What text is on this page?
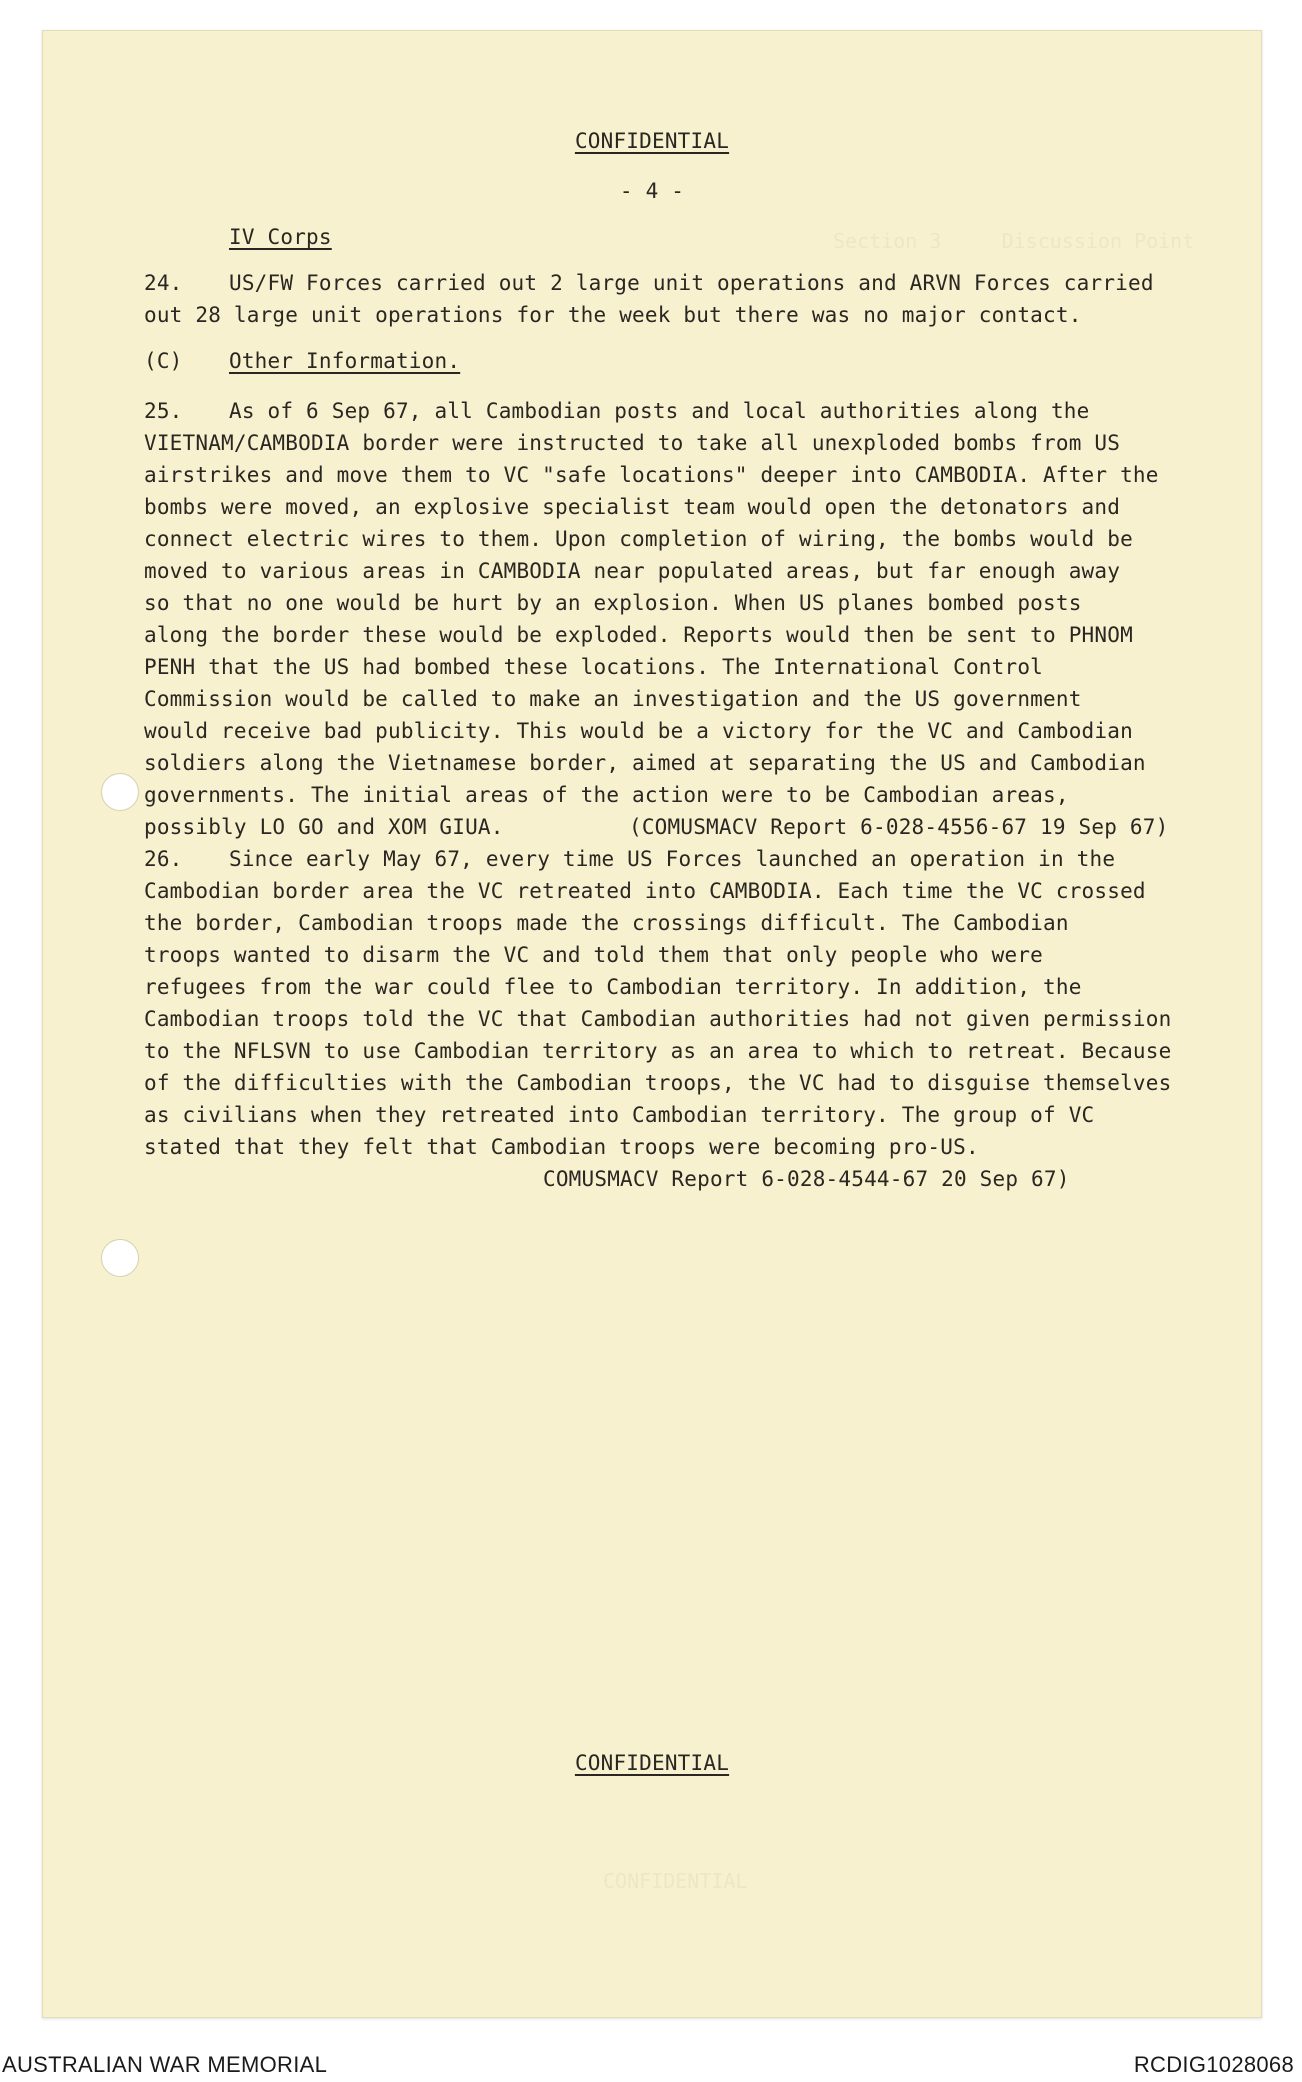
Section 3     Discussion Point
CONFIDENTIAL
CONFIDENTIAL
- 4 -
IV Corps
24. US/FW Forces carried out 2 large unit operations and ARVN Forces carried
out 28 large unit operations for the week but there was no major contact.
(C) Other Information.
25. As of 6 Sep 67, all Cambodian posts and local authorities along the
VIETNAM/CAMBODIA border were instructed to take all unexploded bombs from US
airstrikes and move them to VC "safe locations" deeper into CAMBODIA. After the
bombs were moved, an explosive specialist team would open the detonators and
connect electric wires to them. Upon completion of wiring, the bombs would be
moved to various areas in CAMBODIA near populated areas, but far enough away
so that no one would be hurt by an explosion. When US planes bombed posts
along the border these would be exploded. Reports would then be sent to PHNOM
PENH that the US had bombed these locations. The International Control
Commission would be called to make an investigation and the US government
would receive bad publicity. This would be a victory for the VC and Cambodian
soldiers along the Vietnamese border, aimed at separating the US and Cambodian
governments. The initial areas of the action were to be Cambodian areas,
possibly LO GO and XOM GIUA.	(COMUSMACV Report 6-028-4556-67 19 Sep 67)
26. Since early May 67, every time US Forces launched an operation in the
Cambodian border area the VC retreated into CAMBODIA. Each time the VC crossed
the border, Cambodian troops made the crossings difficult. The Cambodian
troops wanted to disarm the VC and told them that only people who were
refugees from the war could flee to Cambodian territory. In addition, the
Cambodian troops told the VC that Cambodian authorities had not given permission
to the NFLSVN to use Cambodian territory as an area to which to retreat. Because
of the difficulties with the Cambodian troops, the VC had to disguise themselves
as civilians when they retreated into Cambodian territory. The group of VC
stated that they felt that Cambodian troops were becoming pro-US.
COMUSMACV Report 6-028-4544-67 20 Sep 67)
CONFIDENTIAL
AUSTRALIAN WAR MEMORIAL	RCDIG1028068
